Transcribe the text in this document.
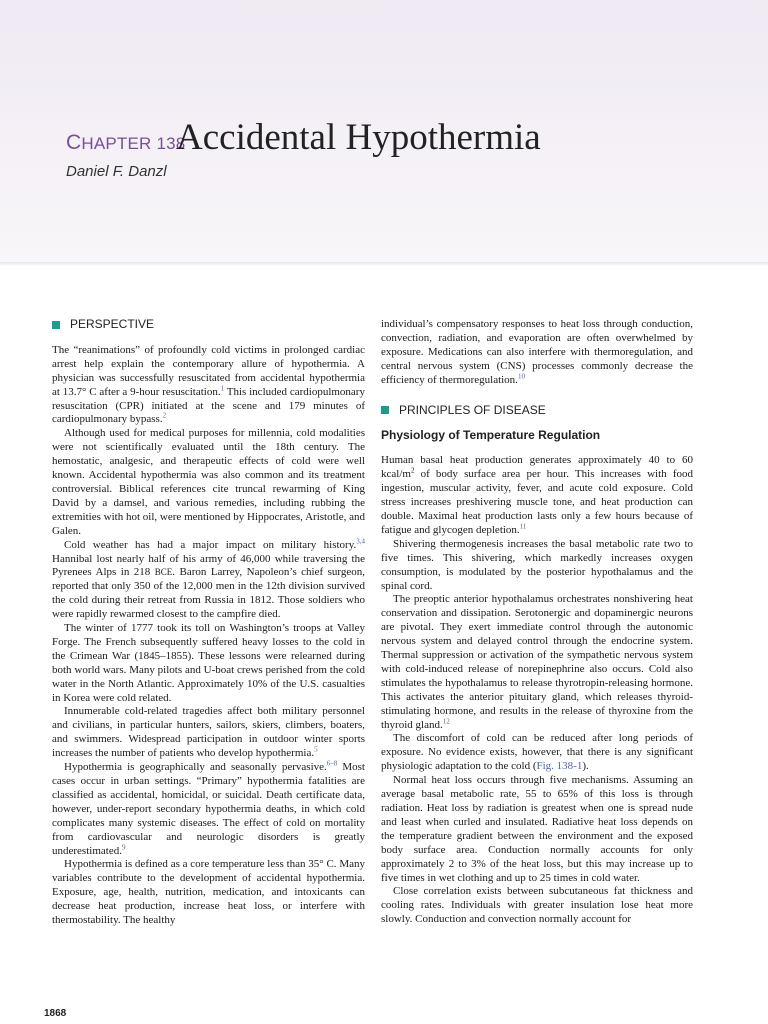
CHAPTER 138
Accidental Hypothermia
Daniel F. Danzl
PERSPECTIVE

The “reanimations” of profoundly cold victims in prolonged cardiac arrest help explain the contemporary allure of hypothermia. A physician was successfully resuscitated from accidental hypothermia at 13.7° C after a 9-hour resuscitation.$^1$ This included cardiopulmonary resuscitation (CPR) initiated at the scene and 179 minutes of cardiopulmonary bypass.$^2$

Although used for medical purposes for millennia, cold modalities were not scientifically evaluated until the 18th century. The hemostatic, analgesic, and therapeutic effects of cold were well known. Accidental hypothermia was also common and its treatment controversial. Biblical references cite truncal rewarming of King David by a damsel, and various remedies, including rubbing the extremities with hot oil, were mentioned by Hippocrates, Aristotle, and Galen.

Cold weather has had a major impact on military history.$^{3,4}$ Hannibal lost nearly half of his army of 46,000 while traversing the Pyrenees Alps in 218 BCE. Baron Larrey, Napoleon’s chief surgeon, reported that only 350 of the 12,000 men in the 12th division survived the cold during their retreat from Russia in 1812. Those soldiers who were rapidly rewarmed closest to the campfire died.

The winter of 1777 took its toll on Washington’s troops at Valley Forge. The French subsequently suffered heavy losses to the cold in the Crimean War (1845–1855). These lessons were relearned during both world wars. Many pilots and U-boat crews perished from the cold water in the North Atlantic. Approximately 10% of the U.S. casualties in Korea were cold related.

Innumerable cold-related tragedies affect both military personnel and civilians, in particular hunters, sailors, skiers, climbers, boaters, and swimmers. Widespread participation in outdoor winter sports increases the number of patients who develop hypothermia.$^5$

Hypothermia is geographically and seasonally pervasive.$^{6-8}$ Most cases occur in urban settings. “Primary” hypothermia fatalities are classified as accidental, homicidal, or suicidal. Death certificate data, however, under-report secondary hypothermia deaths, in which cold complicates many systemic diseases. The effect of cold on mortality from cardiovascular and neurologic disorders is greatly underestimated.$^9$

Hypothermia is defined as a core temperature less than 35° C. Many variables contribute to the development of accidental hypothermia. Exposure, age, health, nutrition, medication, and intoxicants can decrease heat production, increase heat loss, or interfere with thermostability. The healthy

individual’s compensatory responses to heat loss through conduction, convection, radiation, and evaporation are often overwhelmed by exposure. Medications can also interfere with thermoregulation, and central nervous system (CNS) processes commonly decrease the efficiency of thermoregulation.$^{10}$

PRINCIPLES OF DISEASE
Physiology of Temperature Regulation

Human basal heat production generates approximately 40 to 60 kcal/$m^2$ of body surface area per hour. This increases with food ingestion, muscular activity, fever, and acute cold exposure. Cold stress increases preshivering muscle tone, and heat production can double. Maximal heat production lasts only a few hours because of fatigue and glycogen depletion.$^{11}$

Shivering thermogenesis increases the basal metabolic rate two to five times. This shivering, which markedly increases oxygen consumption, is modulated by the posterior hypothalamus and the spinal cord.

The preoptic anterior hypothalamus orchestrates nonshivering heat conservation and dissipation. Serotonergic and dopaminergic neurons are pivotal. They exert immediate control through the autonomic nervous system and delayed control through the endocrine system. Thermal suppression or activation of the sympathetic nervous system with cold-induced release of norepinephrine also occurs. Cold also stimulates the hypothalamus to release thyrotropin-releasing hormone. This activates the anterior pituitary gland, which releases thyroid-stimulating hormone, and results in the release of thyroxine from the thyroid gland.$^{12}$

The discomfort of cold can be reduced after long periods of exposure. No evidence exists, however, that there is any significant physiologic adaptation to the cold (Fig. 138-1).

Normal heat loss occurs through five mechanisms. Assuming an average basal metabolic rate, 55 to 65% of this loss is through radiation. Heat loss by radiation is greatest when one is spread nude and least when curled and insulated. Radiative heat loss depends on the temperature gradient between the environment and the exposed body surface area. Conduction normally accounts for only approximately 2 to 3% of the heat loss, but this may increase up to five times in wet clothing and up to 25 times in cold water.

Close correlation exists between subcutaneous fat thickness and cooling rates. Individuals with greater insulation lose heat more slowly. Conduction and convection normally account for

1868
